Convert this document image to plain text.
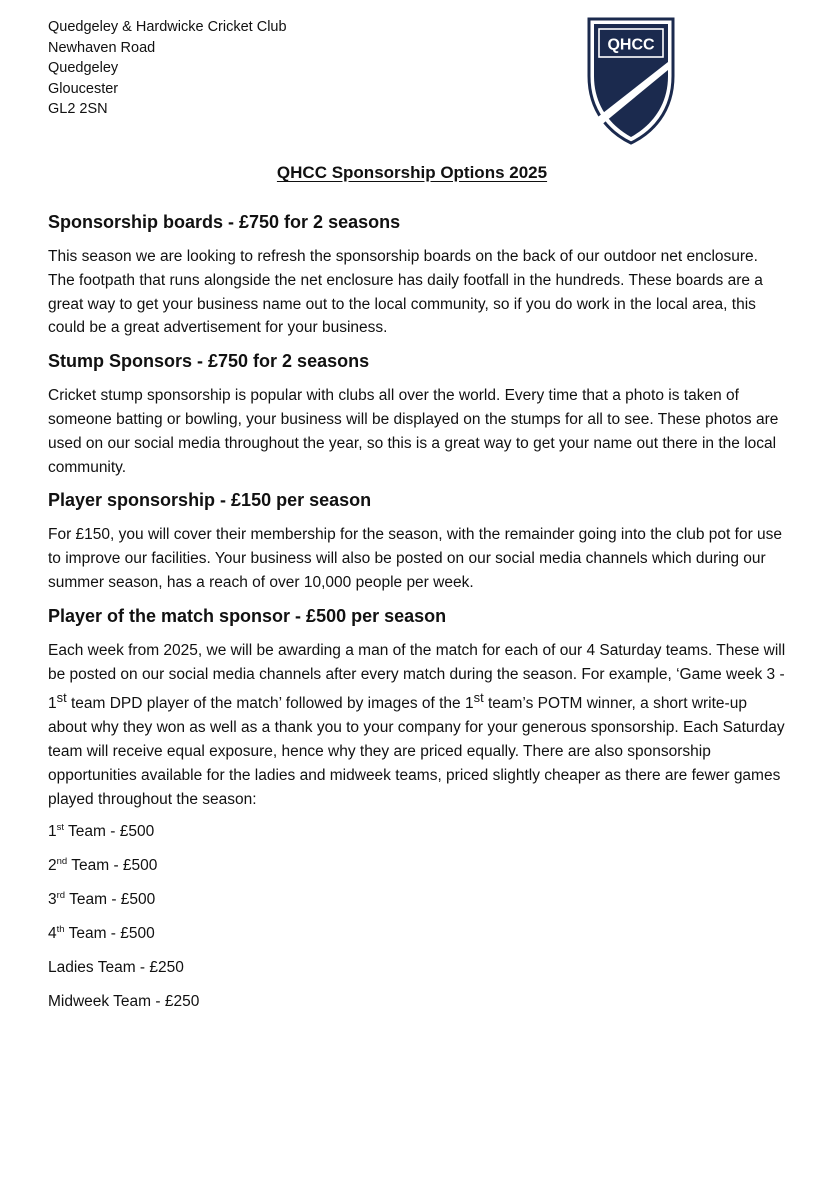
Quedgeley & Hardwicke Cricket Club
Newhaven Road
Quedgeley
Gloucester
GL2 2SN
QHCC
QHCC Sponsorship Options 2025
Sponsorship boards - £750 for 2 seasons

This season we are looking to refresh the sponsorship boards on the back of our outdoor net enclosure. The footpath that runs alongside the net enclosure has daily footfall in the hundreds. These boards are a great way to get your business name out to the local community, so if you do work in the local area, this could be a great advertisement for your business.

Stump Sponsors - £750 for 2 seasons

Cricket stump sponsorship is popular with clubs all over the world. Every time that a photo is taken of someone batting or bowling, your business will be displayed on the stumps for all to see. These photos are used on our social media throughout the year, so this is a great way to get your name out there in the local community.

Player sponsorship - £150 per season

For £150, you will cover their membership for the season, with the remainder going into the club pot for use to improve our facilities. Your business will also be posted on our social media channels which during our summer season, has a reach of over 10,000 people per week.

Player of the match sponsor - £500 per season

Each week from 2025, we will be awarding a man of the match for each of our 4 Saturday teams. These will be posted on our social media channels after every match during the season. For example, ‘Game week 3 - 1st team DPD player of the match’ followed by images of the 1st team’s POTM winner, a short write-up about why they won as well as a thank you to your company for your generous sponsorship. Each Saturday team will receive equal exposure, hence why they are priced equally. There are also sponsorship opportunities available for the ladies and midweek teams, priced slightly cheaper as there are fewer games played throughout the season:

1st Team - £500
2nd Team - £500
3rd Team - £500
4th Team - £500
Ladies Team - £250
Midweek Team - £250
